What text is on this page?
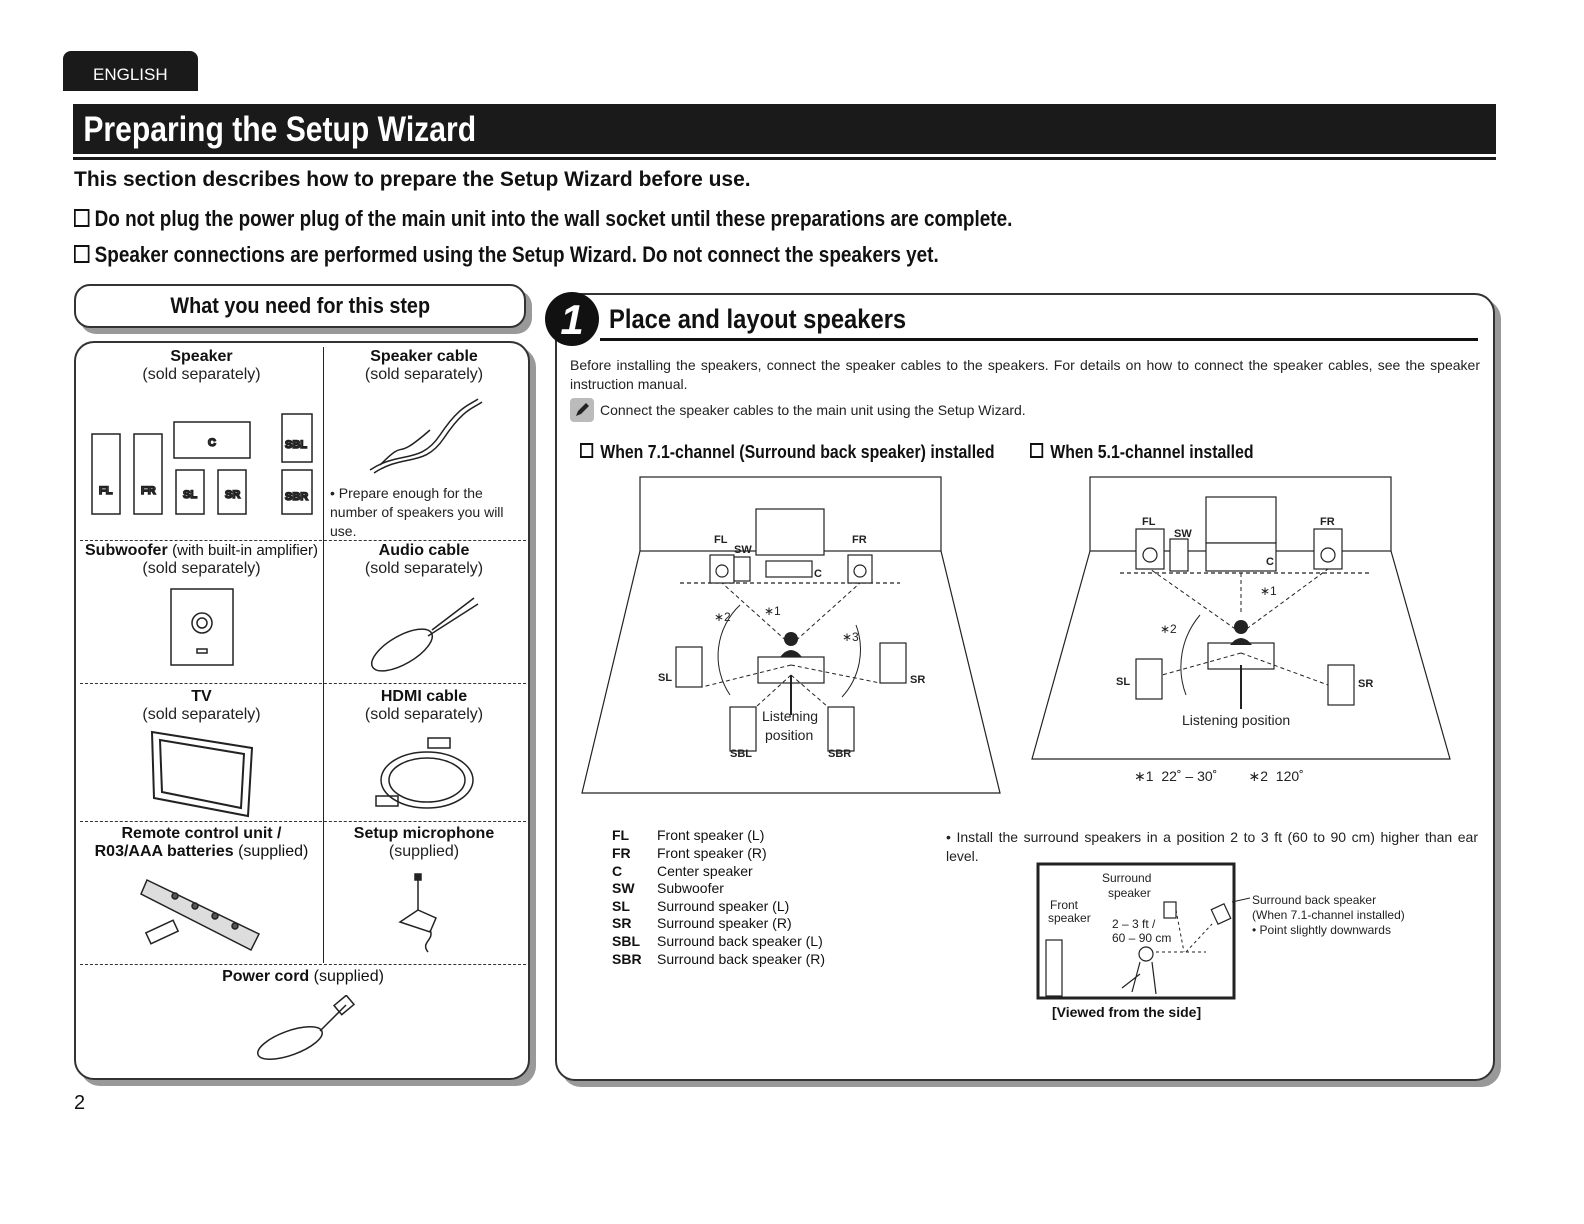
ENGLISH
Preparing the Setup Wizard
This section describes how to prepare the Setup Wizard before use.
Do not plug the power plug of the main unit into the wall socket until these preparations are complete.
Speaker connections are performed using the Setup Wizard. Do not connect the speakers yet.
What you need for this step
Speaker
(sold separately)
FL	FR
C
SL	SR
SBL
SBR
Speaker cable
(sold separately)
• Prepare enough for the number of speakers you will use.
Subwoofer (with built-in amplifier)
(sold separately)
Audio cable
(sold separately)
TV
(sold separately)
HDMI cable
(sold separately)
Remote control unit /
R03/AAA batteries (supplied)
Setup microphone
(supplied)
Power cord (supplied)
2
1 Place and layout speakers
Before installing the speakers, connect the speaker cables to the speakers. For details on how to connect the speaker cables, see the speaker instruction manual.
Connect the speaker cables to the main unit using the Setup Wizard.
When 7.1-channel (Surround back speaker) installed	When 5.1-channel installed
FL	FR
SW
C
SL	SR
SBL	SBR
∗1
∗2
∗3
Listening
position
FL	FR
SW
C
SL	SR
∗1
∗2
Listening position
∗1 22˚ – 30˚ ∗2 120˚
FL Front speaker (L)
FR Front speaker (R)
C Center speaker
SW Subwoofer
SL Surround speaker (L)
SR Surround speaker (R)
SBL Surround back speaker (L)
SBR Surround back speaker (R)
• Install the surround speakers in a position 2 to 3 ft (60 to 90 cm) higher than ear level.
Surround
speaker
Front
speaker 2 – 3 ft /
60 – 90 cm
Surround back speaker
(When 7.1-channel installed)
• Point slightly downwards
[Viewed from the side]
